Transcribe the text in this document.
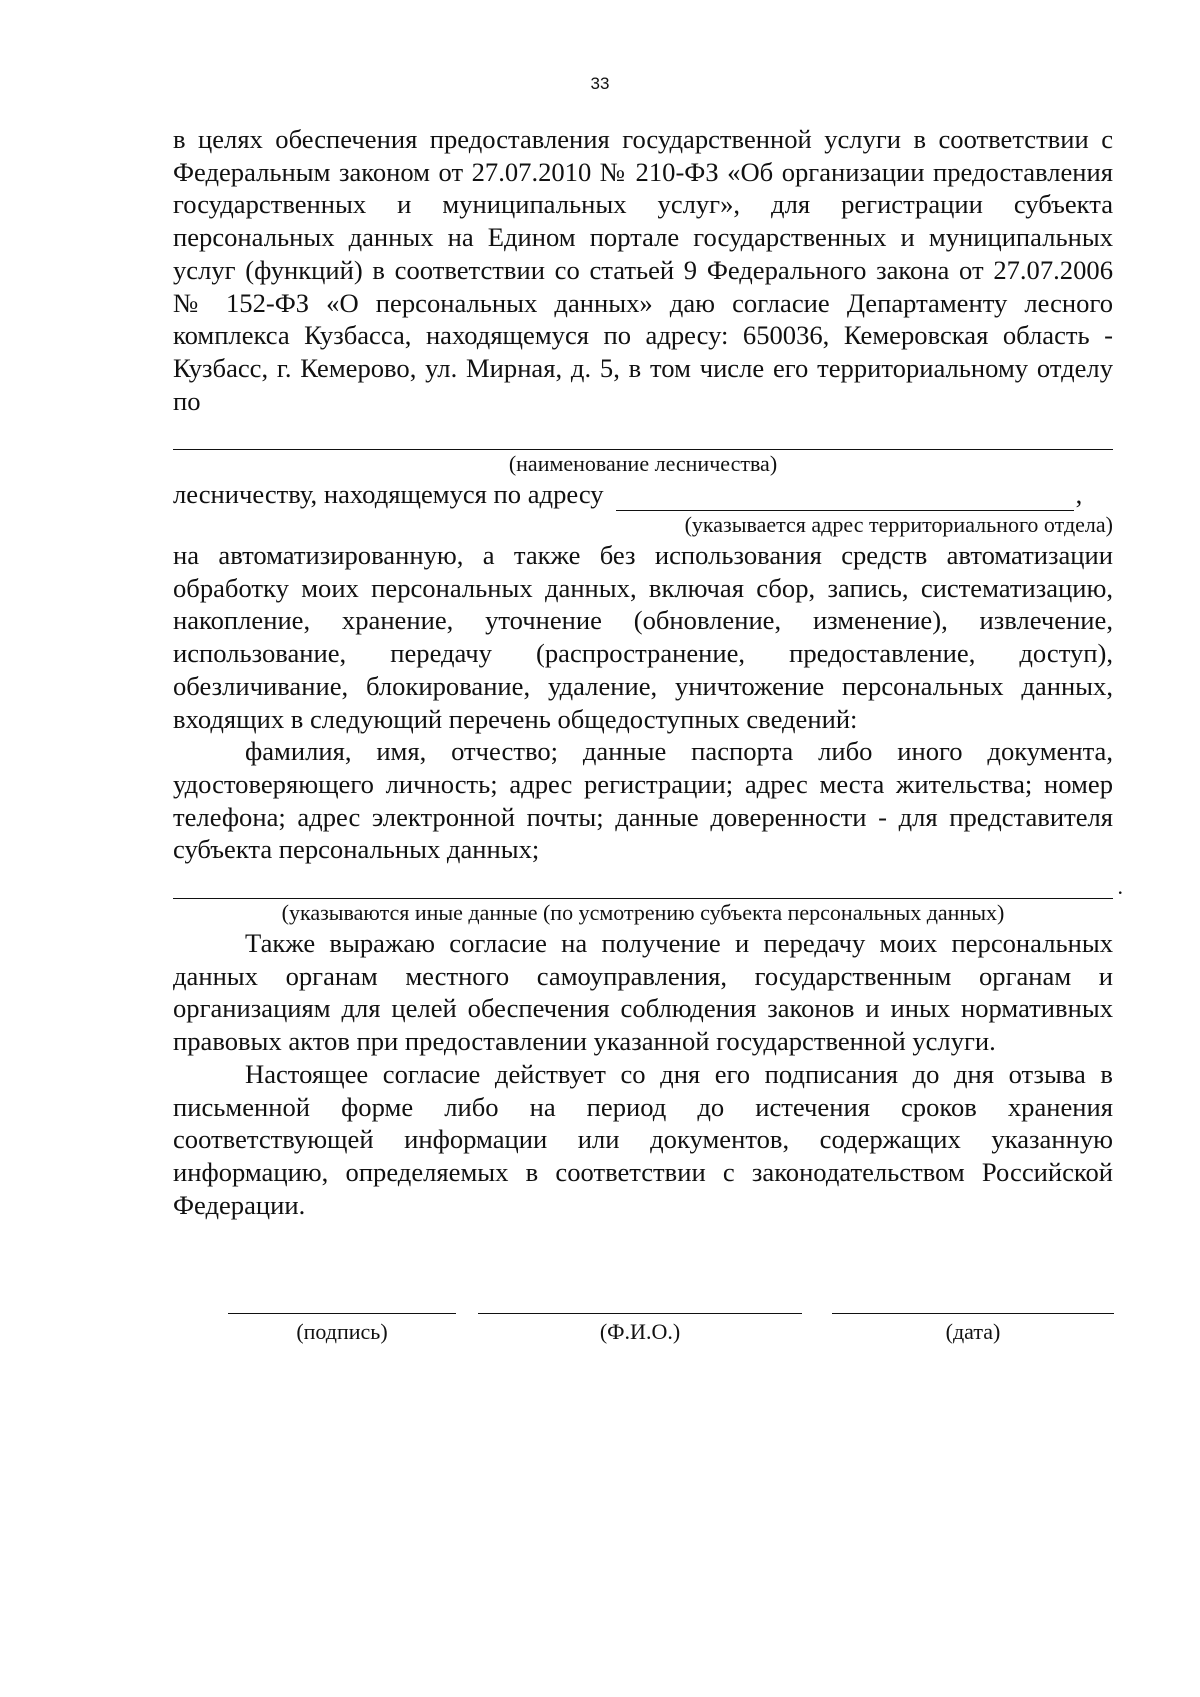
33

в целях обеспечения предоставления государственной услуги в соответствии с Федеральным законом от 27.07.2010 № 210-ФЗ «Об организации предоставления государственных и муниципальных услуг», для регистрации субъекта персональных данных на Едином портале государственных и муниципальных услуг (функций) в соответствии со статьей 9 Федерального закона от 27.07.2006 № 152-ФЗ «О персональных данных» даю согласие Департаменту лесного комплекса Кузбасса, находящемуся по адресу: 650036, Кемеровская область - Кузбасс, г. Кемерово, ул. Мирная, д. 5, в том числе его территориальному отделу по

(наименование лесничества)
лесничеству, находящемуся по адресу	,
(указывается адрес территориального отдела)

на автоматизированную, а также без использования средств автоматизации обработку моих персональных данных, включая сбор, запись, систематизацию, накопление, хранение, уточнение (обновление, изменение), извлечение, использование, передачу (распространение, предоставление, доступ), обезличивание, блокирование, удаление, уничтожение персональных данных, входящих в следующий перечень общедоступных сведений:

фамилия, имя, отчество; данные паспорта либо иного документа, удостоверяющего личность; адрес регистрации; адрес места жительства; номер телефона; адрес электронной почты; данные доверенности - для представителя субъекта персональных данных;

.
(указываются иные данные (по усмотрению субъекта персональных данных)

Также выражаю согласие на получение и передачу моих персональных данных органам местного самоуправления, государственным органам и организациям для целей обеспечения соблюдения законов и иных нормативных правовых актов при предоставлении указанной государственной услуги.

Настоящее согласие действует со дня его подписания до дня отзыва в письменной форме либо на период до истечения сроков хранения соответствующей информации или документов, содержащих указанную информацию, определяемых в соответствии с законодательством Российской Федерации.

(подпись)	(Ф.И.О.)	(дата)
